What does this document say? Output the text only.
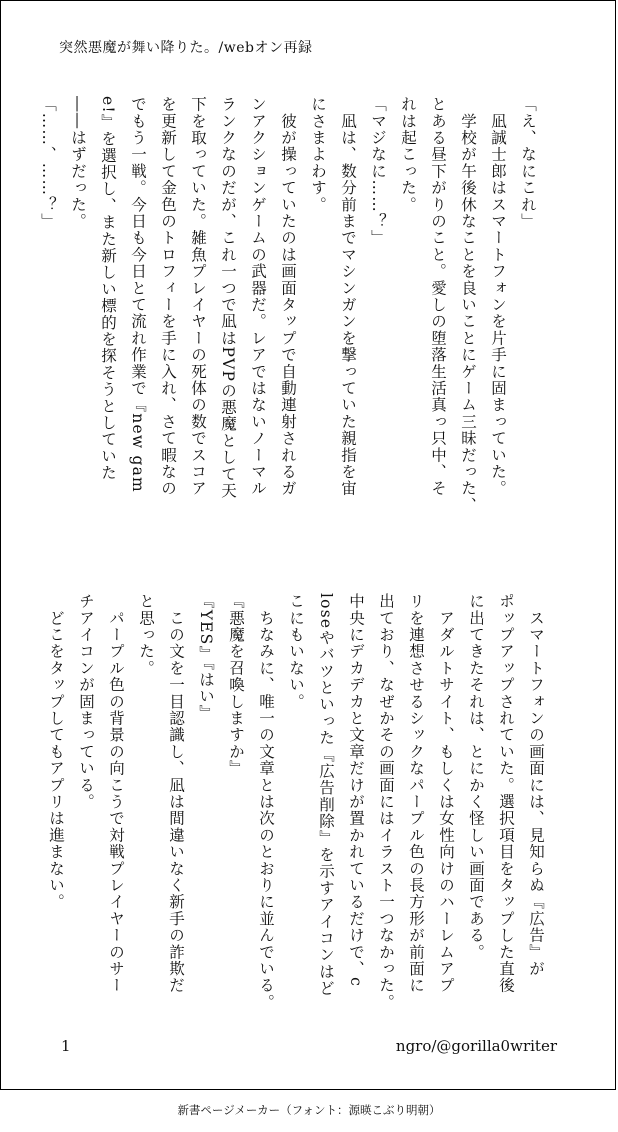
突然悪魔が舞い降りた。/webオン再録

「え、なにこれ」

　凪誠士郎はスマートフォンを片手に固まっていた。

　学校が午後休なことを良いことにゲーム三昧だった、

とある昼下がりのこと。愛しの堕落生活真っ只中、そ

れは起こった。

「マジなに……？」

　凪は、数分前までマシンガンを撃っていた親指を宙

にさまよわす。

　彼が操っていたのは画面タップで自動連射されるガ

ンアクションゲームの武器だ。レアではないノーマル

ランクなのだが、これ一つで凪はPVPの悪魔として天

下を取っていた。雑魚プレイヤーの死体の数でスコア

を更新して金色のトロフィーを手に入れ、さて暇なの

でもう一戦。今日も今日とて流れ作業で『new gam

e!』を選択し、また新しい標的を探そうとしていた

――はずだった。

「……、……？」

　スマートフォンの画面には、見知らぬ『広告』が

ポップアップされていた。選択項目をタップした直後

に出てきたそれは、とにかく怪しい画面である。

　アダルトサイト、もしくは女性向けのハーレムアプ

リを連想させるシックなパープル色の長方形が前面に

出ており、なぜかその画面にはイラスト一つなかった。

中央にデカデカと文章だけが置かれているだけで、c

loseやバツといった『広告削除』を示すアイコンはど

こにもいない。

　ちなみに、唯一の文章とは次のとおりに並んでいる。

『悪魔を召喚しますか』

『YES』『はい』

　この文を一目認識し、凪は間違いなく新手の詐欺だ

と思った。

　パープル色の背景の向こうで対戦プレイヤーのサー

チアイコンが固まっている。

　どこをタップしてもアプリは進まない。

1	ngro/@gorilla0writer
新書ページメーカー（フォント：源暎こぶり明朝）
